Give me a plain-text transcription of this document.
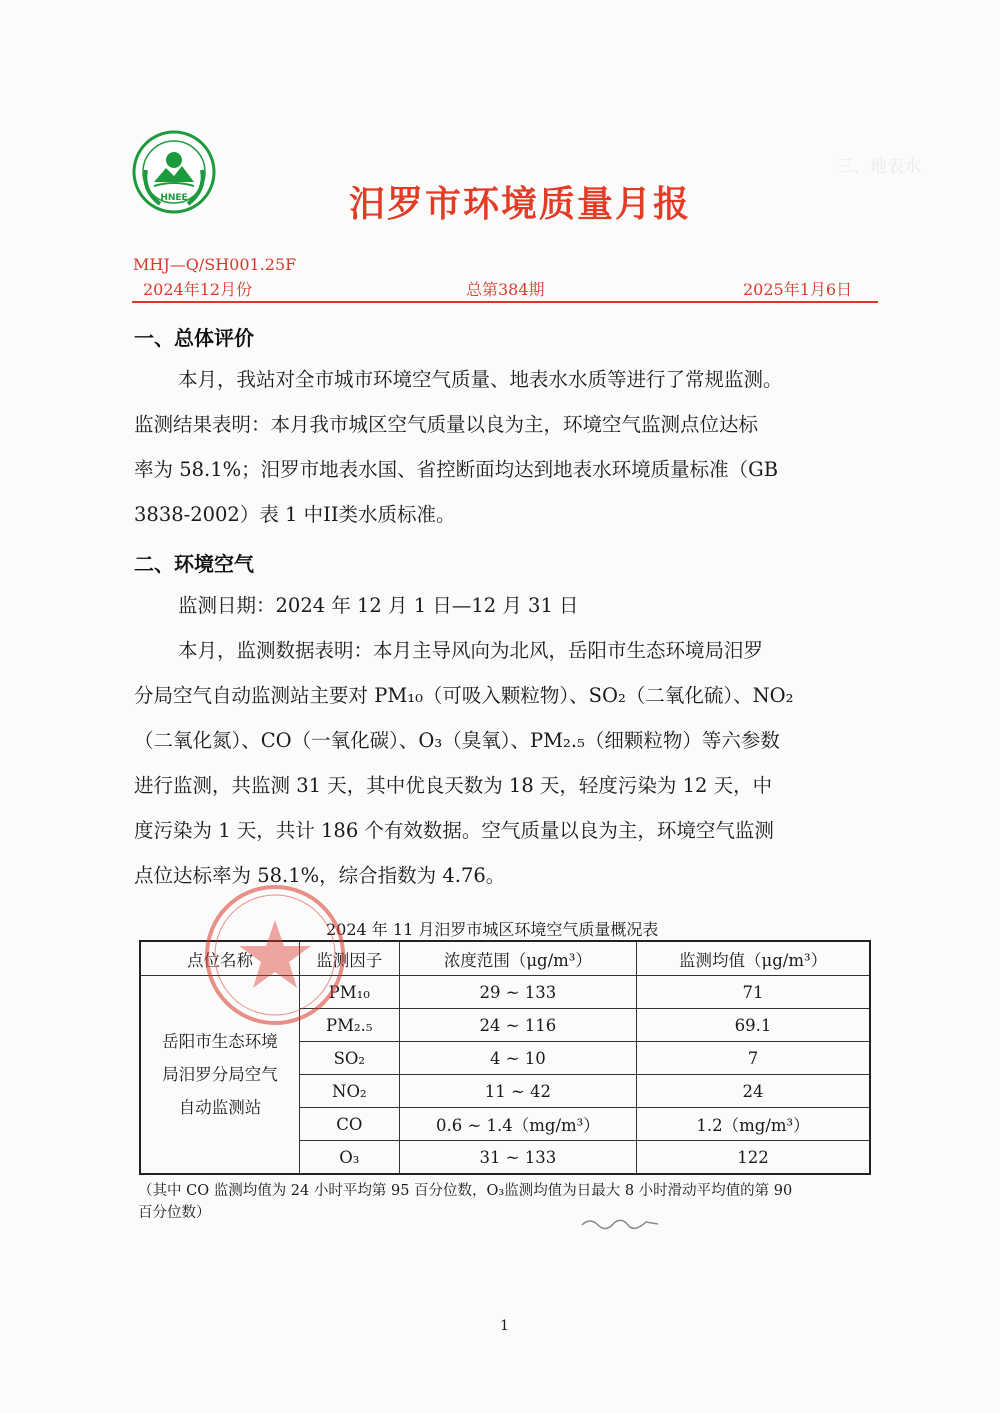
三、地表水
HNEE	汨罗市环境质量月报
MHJ—Q/SH001.25F
2024年12月份	总第384期	2025年1月6日
一、总体评价
本月，我站对全市城市环境空气质量、地表水水质等进行了常规监测。
监测结果表明：本月我市城区空气质量以良为主，环境空气监测点位达标
率为 58.1%；汨罗市地表水国、省控断面均达到地表水环境质量标准（GB
3838-2002）表 1 中II类水质标准。
二、环境空气
监测日期：2024 年 12 月 1 日—12 月 31 日
本月，监测数据表明：本月主导风向为北风，岳阳市生态环境局汨罗
分局空气自动监测站主要对 PM₁₀（可吸入颗粒物）、SO₂（二氧化硫）、NO₂
（二氧化氮）、CO（一氧化碳）、O₃（臭氧）、PM₂.₅（细颗粒物）等六参数
进行监测，共监测 31 天，其中优良天数为 18 天，轻度污染为 12 天，中
度污染为 1 天，共计 186 个有效数据。空气质量以良为主，环境空气监测
点位达标率为 58.1%，综合指数为 4.76。
2024 年 11 月汨罗市城区环境空气质量概况表
点位名称	监测因子	浓度范围（μg/m³）	监测均值（μg/m³）

岳阳市生态环境
局汨罗分局空气
自动监测站	PM₁₀	29 ~ 133	71
	PM₂.₅	24 ~ 116	69.1
	SO₂	4 ~ 10	7
	NO₂	11 ~ 42	24
	CO	0.6 ~ 1.4（mg/m³）	1.2（mg/m³）
	O₃	31 ~ 133	122
（其中 CO 监测均值为 24 小时平均第 95 百分位数，O₃监测均值为日最大 8 小时滑动平均值的第 90
百分位数）
1
